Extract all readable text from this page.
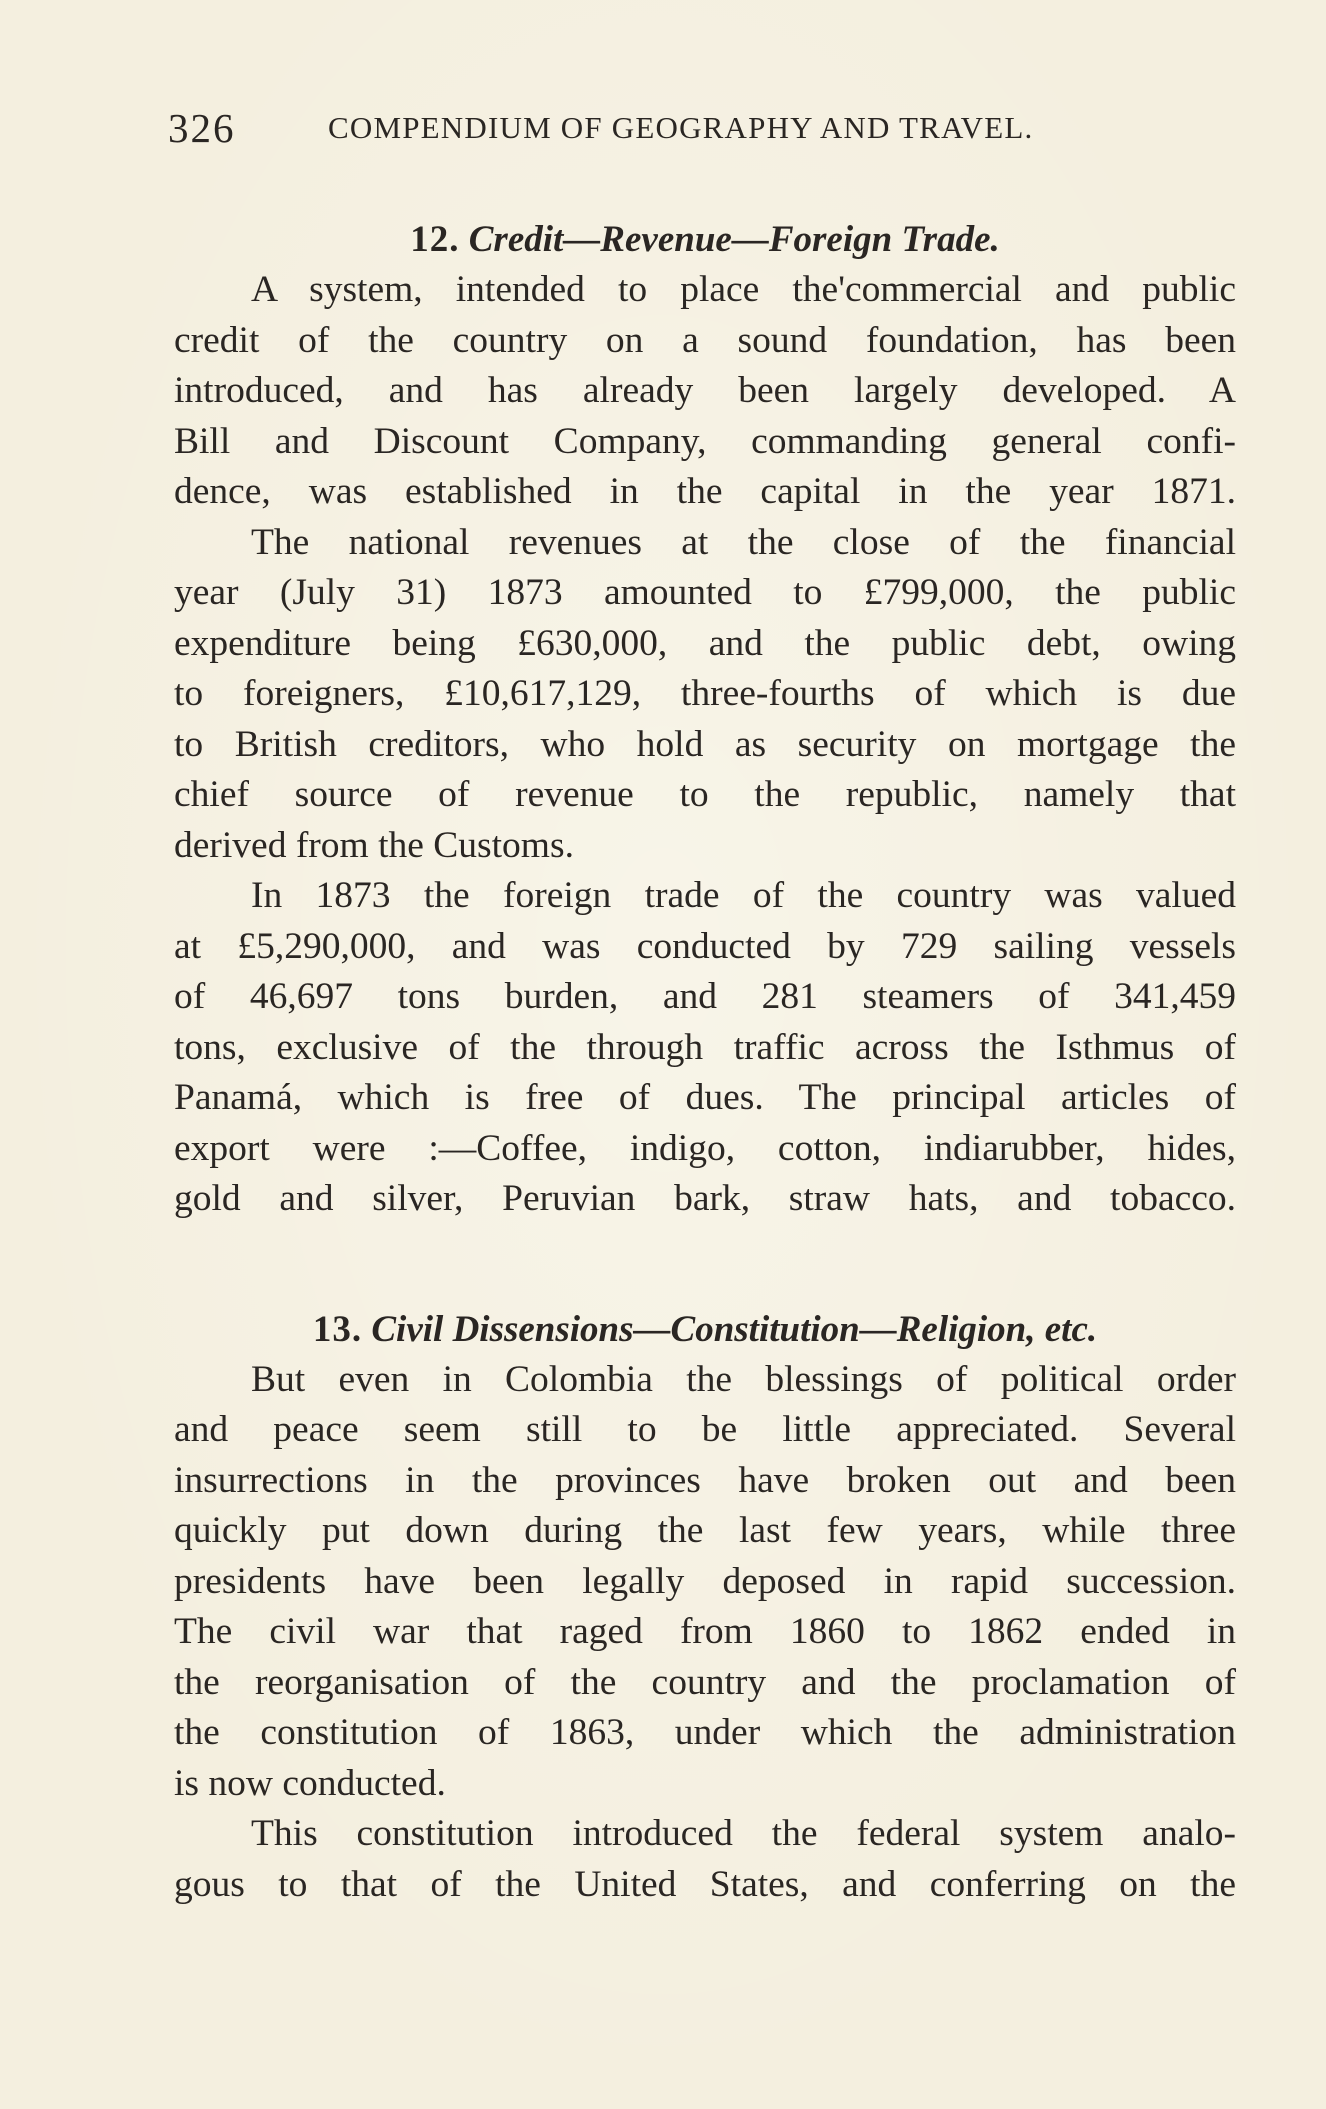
326	COMPENDIUM OF GEOGRAPHY AND TRAVEL.
12. Credit—Revenue—Foreign Trade.
A system, intended to place the'commercial and public
credit of the country on a sound foundation, has been
introduced, and has already been largely developed. A
Bill and Discount Company, commanding general confi-
dence, was established in the capital in the year 1871.
The national revenues at the close of the financial
year (July 31) 1873 amounted to £799,000, the public
expenditure being £630,000, and the public debt, owing
to foreigners, £10,617,129, three-fourths of which is due
to British creditors, who hold as security on mortgage the
chief source of revenue to the republic, namely that
derived from the Customs.
In 1873 the foreign trade of the country was valued
at £5,290,000, and was conducted by 729 sailing vessels
of 46,697 tons burden, and 281 steamers of 341,459
tons, exclusive of the through traffic across the Isthmus of
Panamá, which is free of dues. The principal articles of
export were :—Coffee, indigo, cotton, indiarubber, hides,
gold and silver, Peruvian bark, straw hats, and tobacco.
13. Civil Dissensions—Constitution—Religion, etc.
But even in Colombia the blessings of political order
and peace seem still to be little appreciated. Several
insurrections in the provinces have broken out and been
quickly put down during the last few years, while three
presidents have been legally deposed in rapid succession.
The civil war that raged from 1860 to 1862 ended in
the reorganisation of the country and the proclamation of
the constitution of 1863, under which the administration
is now conducted.
This constitution introduced the federal system analo-
gous to that of the United States, and conferring on the
